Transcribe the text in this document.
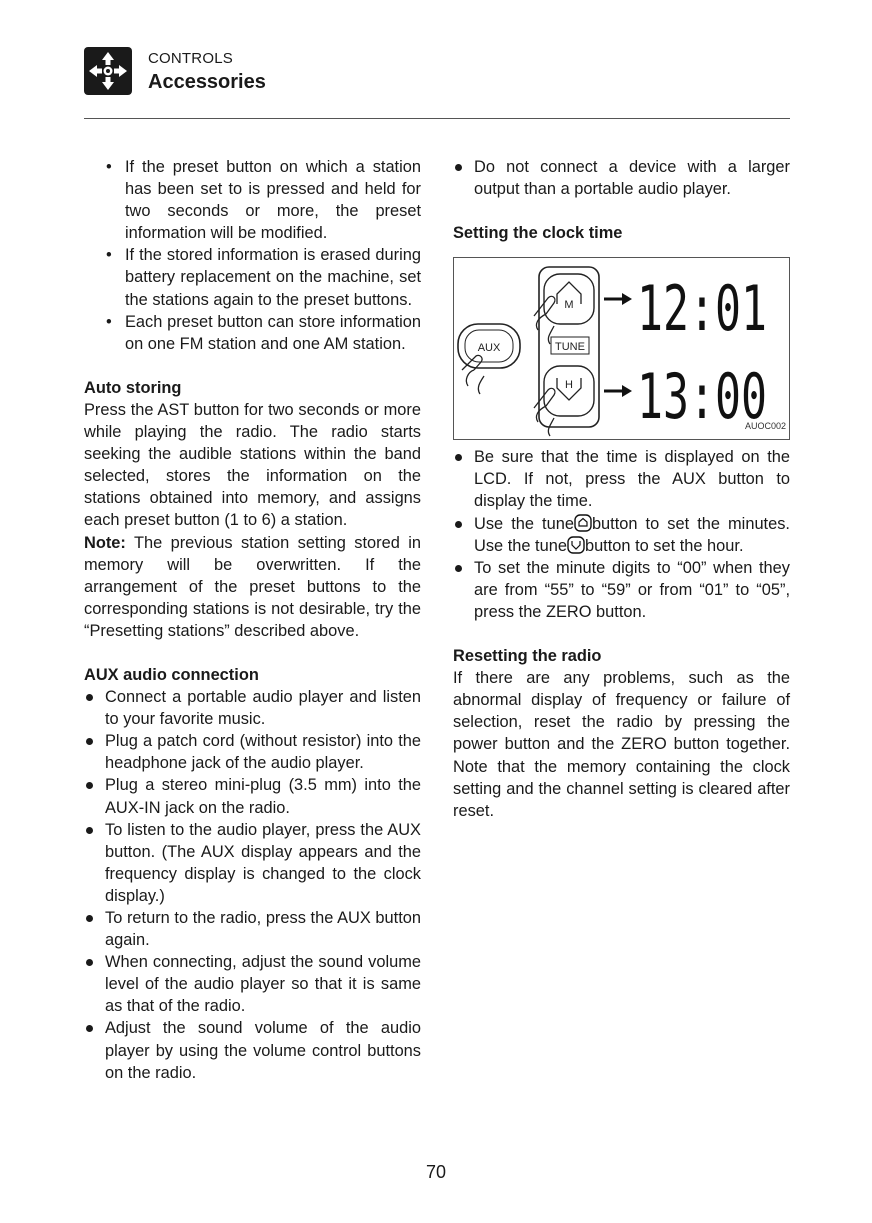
CONTROLS
Accessories
• If the preset button on which a station has been set to is pressed and held for two seconds or more, the preset information will be modified.
• If the stored information is erased during battery replacement on the machine, set the stations again to the preset buttons.
• Each preset button can store information on one FM station and one AM station.
Auto storing
Press the AST button for two seconds or more while playing the radio. The radio starts seeking the audible stations within the band selected, stores the information on the stations obtained into memory, and assigns each preset button (1 to 6) a station.
Note: The previous station setting stored in memory will be overwritten. If the arrangement of the preset buttons to the corresponding stations is not desirable, try the “Presetting stations” described above.
AUX audio connection
Connect a portable audio player and listen to your favorite music.
Plug a patch cord (without resistor) into the headphone jack of the audio player.
Plug a stereo mini-plug (3.5 mm) into the AUX-IN jack on the radio.
To listen to the audio player, press the AUX button. (The AUX display appears and the frequency display is changed to the clock display.)
To return to the radio, press the AUX button again.
When connecting, adjust the sound volume level of the audio player so that it is same as that of the radio.
Adjust the sound volume of the audio player by using the volume control buttons on the radio.
Do not connect a device with a larger output than a portable audio player.
Setting the clock time
AUX
M
TUNE
H
12:01
13:00
AUOC002
Be sure that the time is displayed on the LCD. If not, press the AUX button to display the time.
Use the tune button to set the minutes. Use the tune button to set the hour.
To set the minute digits to “00” when they are from “55” to “59” or from “01” to “05”, press the ZERO button.
Resetting the radio
If there are any problems, such as the abnormal display of frequency or failure of selection, reset the radio by pressing the power button and the ZERO button together. Note that the memory containing the clock setting and the channel setting is cleared after reset.
70
